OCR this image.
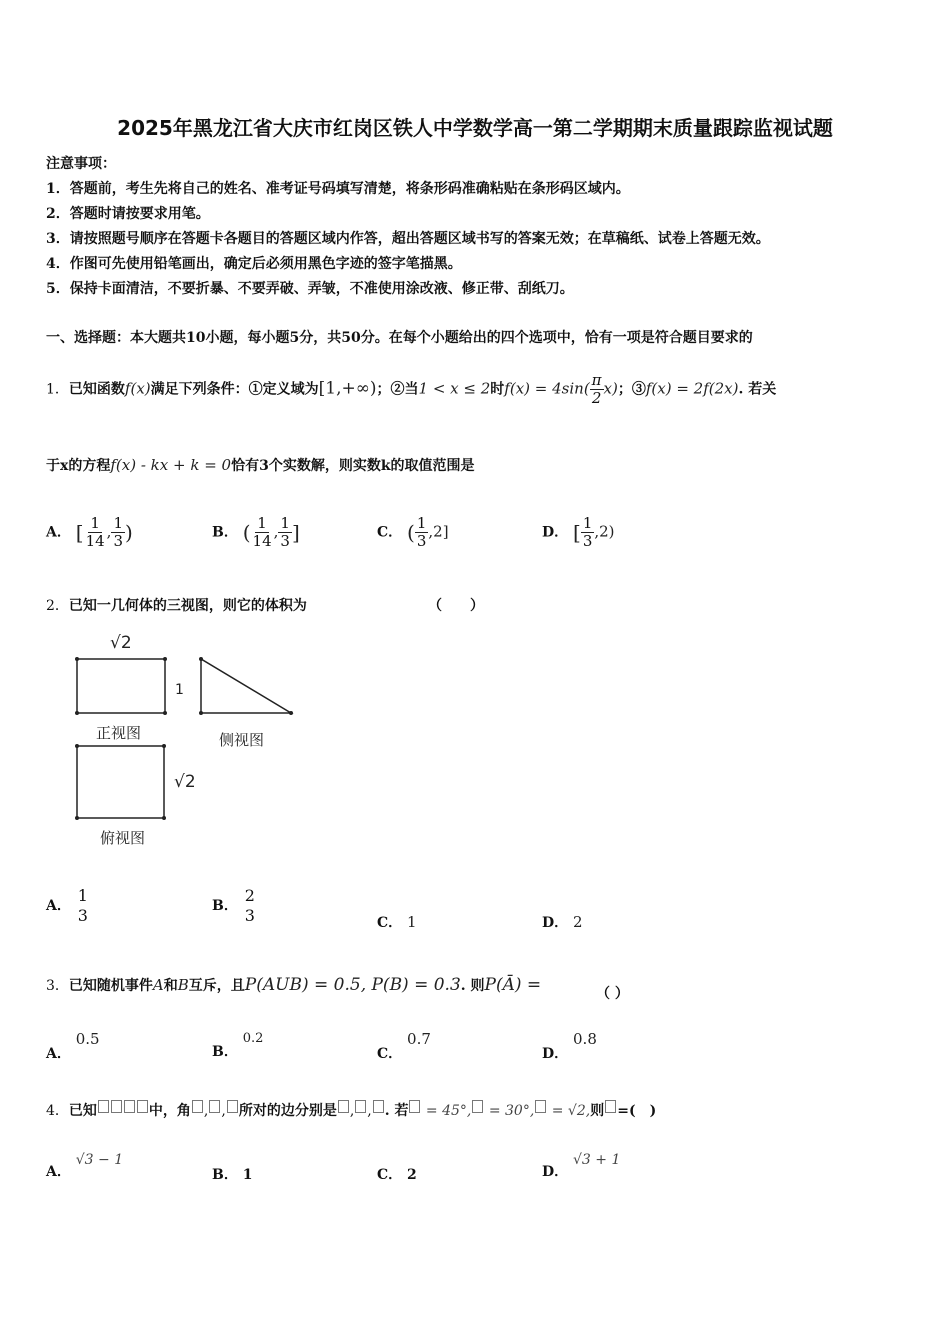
2025年黑龙江省大庆市红岗区铁人中学数学高一第二学期期末质量跟踪监视试题
注意事项：
1．答题前，考生先将自己的姓名、准考证号码填写清楚，将条形码准确粘贴在条形码区域内。
2．答题时请按要求用笔。
3．请按照题号顺序在答题卡各题目的答题区域内作答，超出答题区域书写的答案无效；在草稿纸、试卷上答题无效。
4．作图可先使用铅笔画出，确定后必须用黑色字迹的签字笔描黑。
5．保持卡面清洁，不要折暴、不要弄破、弄皱，不准使用涂改液、修正带、刮纸刀。
一、选择题：本大题共10小题，每小题5分，共50分。在每个小题给出的四个选项中，恰有一项是符合题目要求的
1．已知函数f(x)满足下列条件：①定义域为[1,+∞)；②当1 < x ≤ 2时$f(x) = 4\sin( \frac{\pi}{2} x)$；③f(x) = 2f(2x). 若关
于x的方程f(x) - kx + k = 0恰有3个实数解，则实数k的取值范围是
A． [ $\frac{1}{14}$ , $\frac{1}{3}$ )	B． ( $\frac{1}{14}$ , $\frac{1}{3}$ ]	C． ( $\frac{1}{3} ,2$]	D． [ $\frac{1}{3} ,2$)
2．已知一几何体的三视图，则它的体积为	（　　）
√2
1
正视图	侧视图
√2
俯视图
A．
1
3	B．
2
3	C． 1	D． 2
3．已知随机事件A和B互斥，且P(AUB) = 0.5, P(B) = 0.3. 则P(Ā) =	（ ）
A． 0.5
B． 0.2
C． 0.7
D． 0.8
4．已知	中，角 , , 所对的边分别是 , , . 若 = 45°, = 30°, = √2,则 =(　)
A． √3 − 1
B． 1	C． 2	D． √3 + 1
